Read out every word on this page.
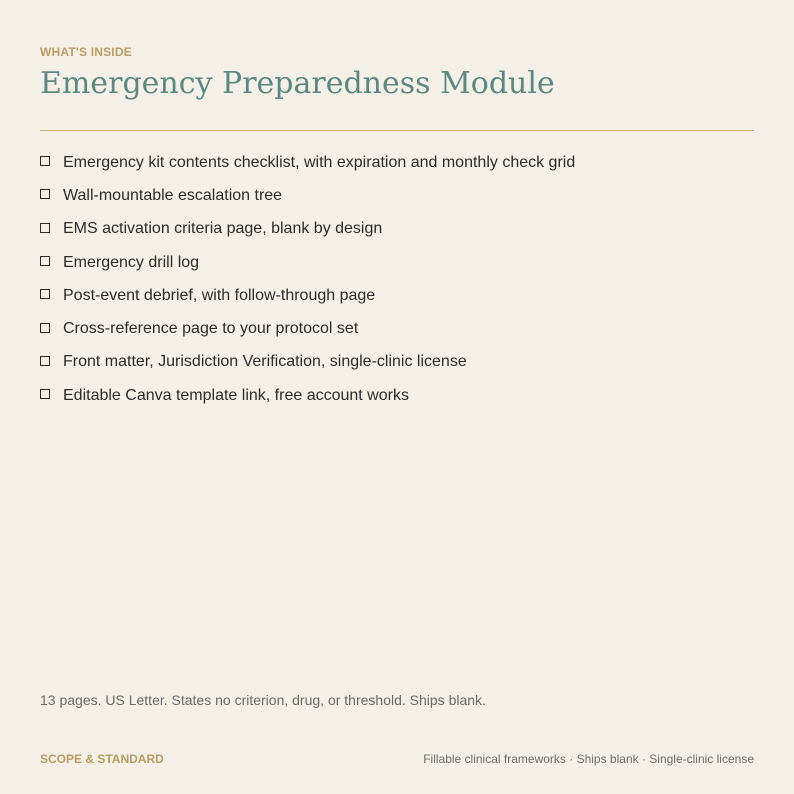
WHAT'S INSIDE
Emergency Preparedness Module
Emergency kit contents checklist, with expiration and monthly check grid
Wall-mountable escalation tree
EMS activation criteria page, blank by design
Emergency drill log
Post-event debrief, with follow-through page
Cross-reference page to your protocol set
Front matter, Jurisdiction Verification, single-clinic license
Editable Canva template link, free account works
13 pages. US Letter. States no criterion, drug, or threshold. Ships blank.
SCOPE & STANDARD	Fillable clinical frameworks · Ships blank · Single-clinic license
